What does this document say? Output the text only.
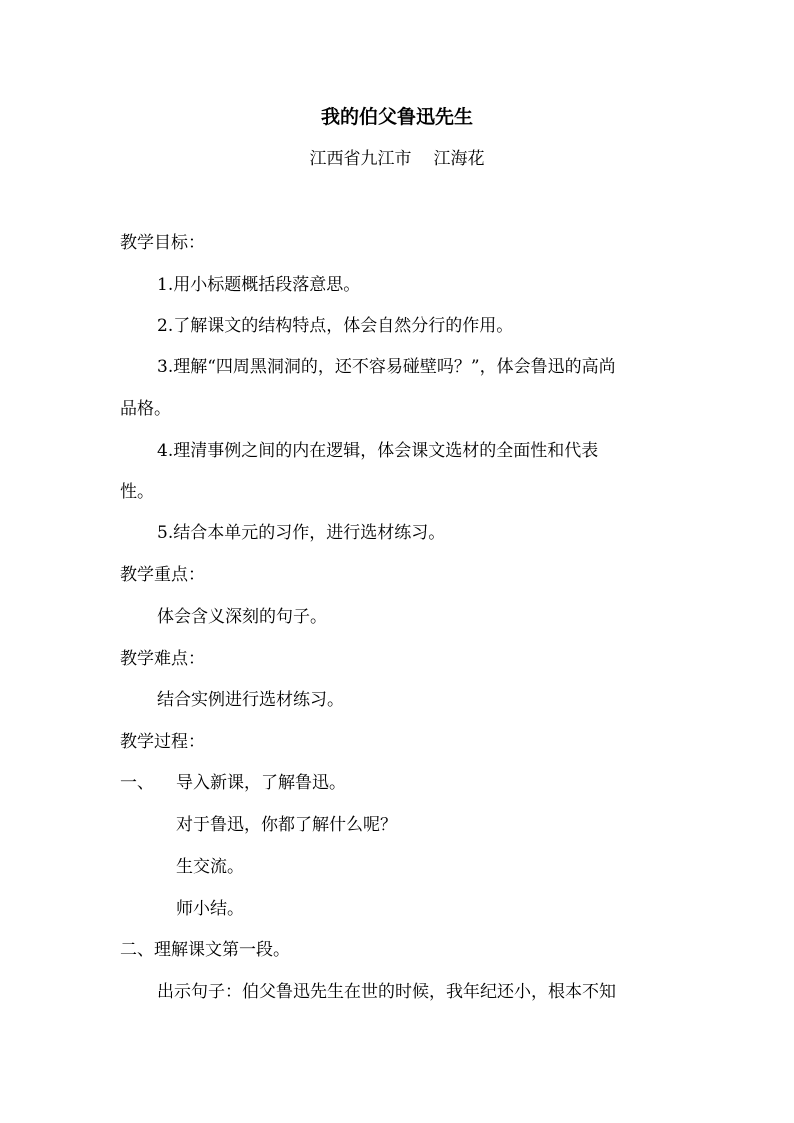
我的伯父鲁迅先生
江西省九江市 江海花
教学目标：
1.用小标题概括段落意思。
2.了解课文的结构特点，体会自然分行的作用。
3.理解“四周黑洞洞的，还不容易碰壁吗？”，体会鲁迅的高尚
品格。
4.理清事例之间的内在逻辑，体会课文选材的全面性和代表
性。
5.结合本单元的习作，进行选材练习。
教学重点：
体会含义深刻的句子。
教学难点：
结合实例进行选材练习。
教学过程：
一、 导入新课，了解鲁迅。
对于鲁迅，你都了解什么呢？
生交流。
师小结。
二、理解课文第一段。
出示句子：伯父鲁迅先生在世的时候，我年纪还小，根本不知
